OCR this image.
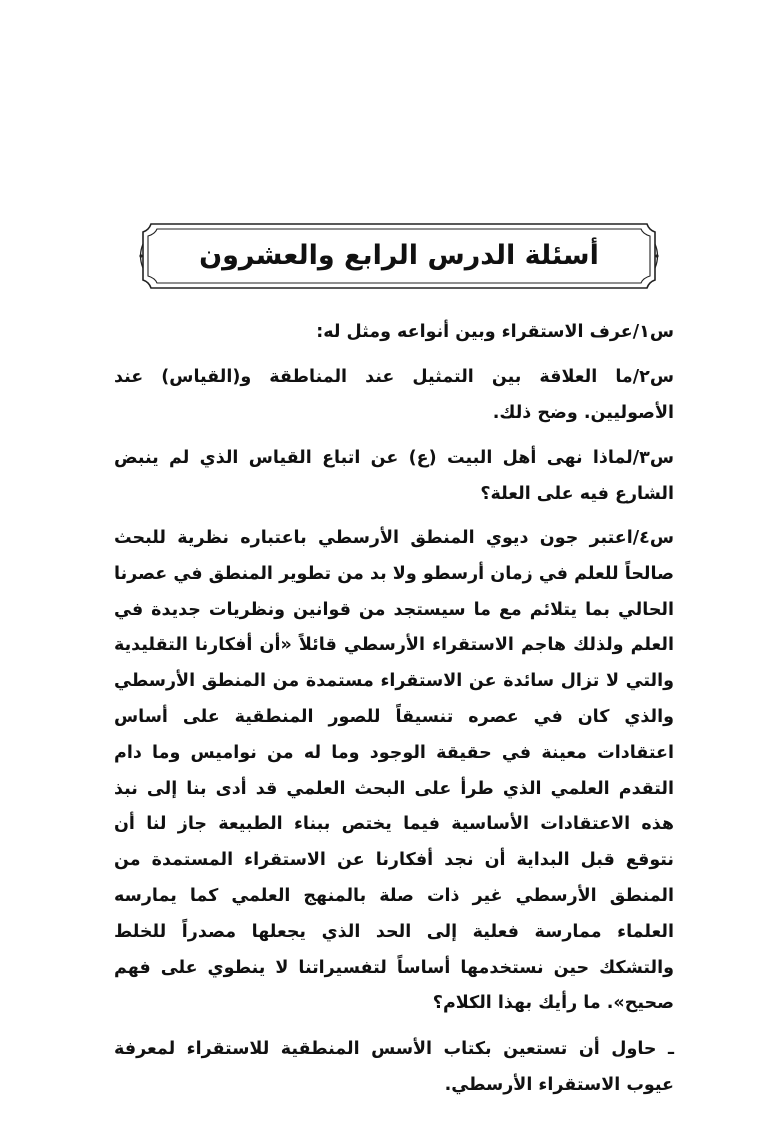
أسئلة الدرس الرابع والعشرون

س١/عرف الاستقراء وبين أنواعه ومثل له:

س٢/ما العلاقة بين التمثيل عند المناطقة و(القياس) عند الأصوليين. وضح ذلك.

س٣/لماذا نهى أهل البيت (ع) عن اتباع القياس الذي لم ينبض الشارع فيه على العلة؟

س٤/اعتبر جون ديوي المنطق الأرسطي باعتباره نظرية للبحث صالحاً للعلم في زمان أرسطو ولا بد من تطوير المنطق في عصرنا الحالي بما يتلائم مع ما سيستجد من قوانين ونظريات جديدة في العلم ولذلك هاجم الاستقراء الأرسطي قائلاً «أن أفكارنا التقليدية والتي لا تزال سائدة عن الاستقراء مستمدة من المنطق الأرسطي والذي كان في عصره تنسيقاً للصور المنطقية على أساس اعتقادات معينة في حقيقة الوجود وما له من نواميس وما دام التقدم العلمي الذي طرأ على البحث العلمي قد أدى بنا إلى نبذ هذه الاعتقادات الأساسية فيما يختص ببناء الطبيعة جاز لنا أن نتوقع قبل البداية أن نجد أفكارنا عن الاستقراء المستمدة من المنطق الأرسطي غير ذات صلة بالمنهج العلمي كما يمارسه العلماء ممارسة فعلية إلى الحد الذي يجعلها مصدراً للخلط والتشكك حين نستخدمها أساساً لتفسيراتنا لا ينطوي على فهم صحيح». ما رأيك بهذا الكلام؟

ـ حاول أن تستعين بكتاب الأسس المنطقية للاستقراء لمعرفة عيوب الاستقراء الأرسطي.
